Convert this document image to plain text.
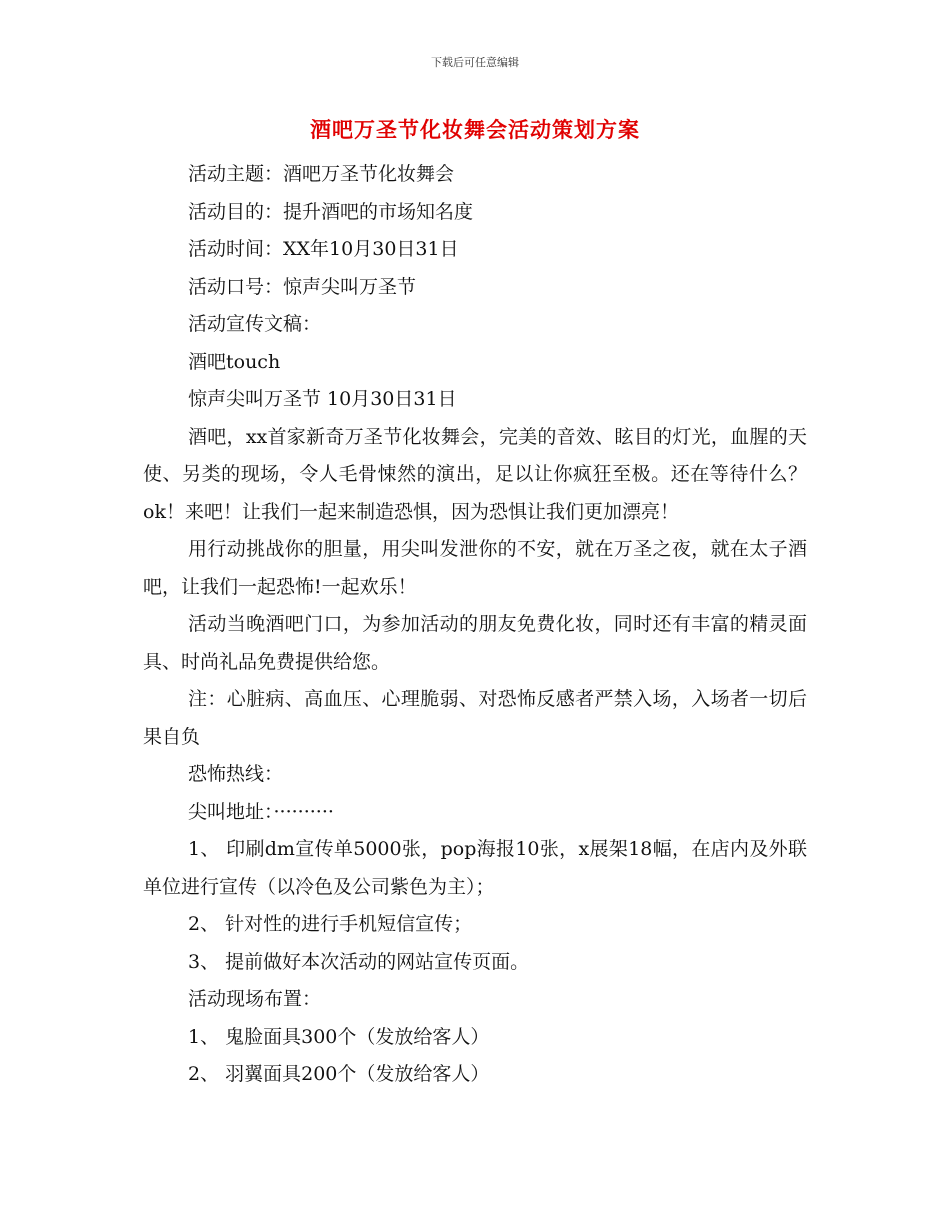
下载后可任意编辑
酒吧万圣节化妆舞会活动策划方案

活动主题：酒吧万圣节化妆舞会

活动目的：提升酒吧的市场知名度

活动时间：XX年10月30日31日

活动口号：惊声尖叫万圣节

活动宣传文稿：

酒吧touch

惊声尖叫万圣节 10月30日31日

酒吧，xx首家新奇万圣节化妆舞会，完美的音效、眩目的灯光，血腥的天使、另类的现场，令人毛骨悚然的演出，足以让你疯狂至极。还在等待什么？ok！来吧！让我们一起来制造恐惧，因为恐惧让我们更加漂亮！

用行动挑战你的胆量，用尖叫发泄你的不安，就在万圣之夜，就在太子酒吧，让我们一起恐怖!一起欢乐！

活动当晚酒吧门口，为参加活动的朋友免费化妆，同时还有丰富的精灵面具、时尚礼品免费提供给您。

注：心脏病、高血压、心理脆弱、对恐怖反感者严禁入场，入场者一切后果自负

恐怖热线：

尖叫地址：··········

1、 印刷dm宣传单5000张，pop海报10张，x展架18幅，在店内及外联单位进行宣传（以冷色及公司紫色为主）；

2、 针对性的进行手机短信宣传；

3、 提前做好本次活动的网站宣传页面。

活动现场布置：

1、 鬼脸面具300个（发放给客人）

2、 羽翼面具200个（发放给客人）
